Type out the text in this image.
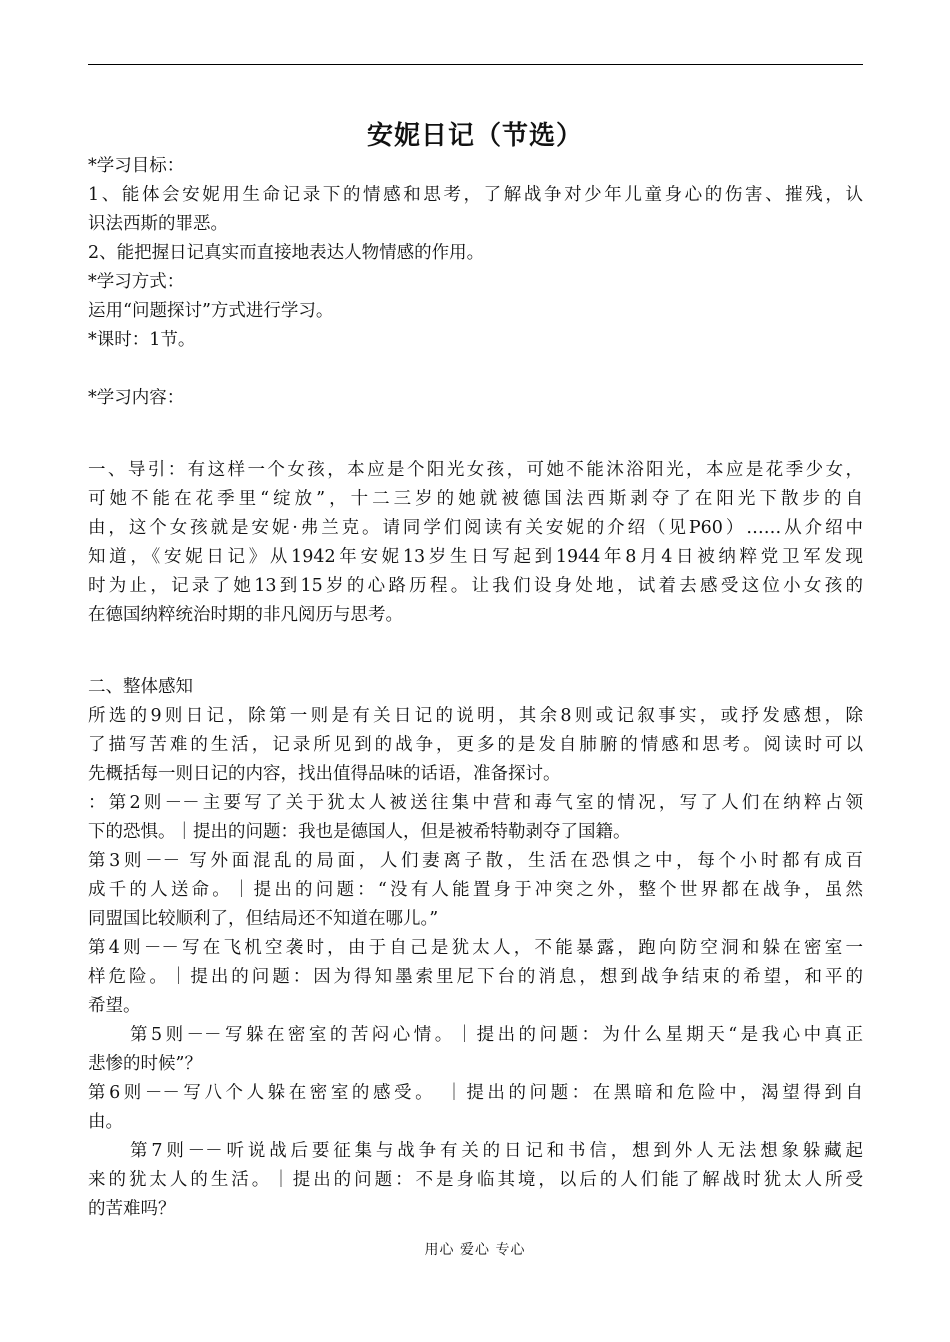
安妮日记（节选）
*学习目标：
1、能体会安妮用生命记录下的情感和思考，了解战争对少年儿童身心的伤害、摧残，认
识法西斯的罪恶。
2、能把握日记真实而直接地表达人物情感的作用。
*学习方式：
运用“问题探讨”方式进行学习。
*课时：1节。
*学习内容：
一、导引：有这样一个女孩，本应是个阳光女孩，可她不能沐浴阳光，本应是花季少女，
可她不能在花季里“绽放”，十二三岁的她就被德国法西斯剥夺了在阳光下散步的自
由，这个女孩就是安妮·弗兰克。请同学们阅读有关安妮的介绍（见P60）……从介绍中
知道，《安妮日记》从1942年安妮13岁生日写起到1944年8月4日被纳粹党卫军发现
时为止，记录了她13到15岁的心路历程。让我们设身处地，试着去感受这位小女孩的
在德国纳粹统治时期的非凡阅历与思考。
二、整体感知
所选的9则日记，除第一则是有关日记的说明，其余8则或记叙事实，或抒发感想，除
了描写苦难的生活，记录所见到的战争，更多的是发自肺腑的情感和思考。阅读时可以
先概括每一则日记的内容，找出值得品味的话语，准备探讨。
：第2则－－主要写了关于犹太人被送往集中营和毒气室的情况，写了人们在纳粹占领
下的恐惧。｜提出的问题：我也是德国人，但是被希特勒剥夺了国籍。
第3则－－ 写外面混乱的局面，人们妻离子散，生活在恐惧之中，每个小时都有成百
成千的人送命。｜提出的问题：“没有人能置身于冲突之外，整个世界都在战争，虽然
同盟国比较顺利了，但结局还不知道在哪儿。”
第4则－－写在飞机空袭时，由于自己是犹太人，不能暴露，跑向防空洞和躲在密室一
样危险。｜提出的问题：因为得知墨索里尼下台的消息，想到战争结束的希望，和平的
希望。
第5则－－写躲在密室的苦闷心情。｜提出的问题：为什么星期天“是我心中真正
悲惨的时候”？
第6则－－写八个人躲在密室的感受。 ｜提出的问题：在黑暗和危险中，渴望得到自
由。
第7则－－听说战后要征集与战争有关的日记和书信，想到外人无法想象躲藏起
来的犹太人的生活。｜提出的问题：不是身临其境，以后的人们能了解战时犹太人所受
的苦难吗？
用心 爱心 专心
